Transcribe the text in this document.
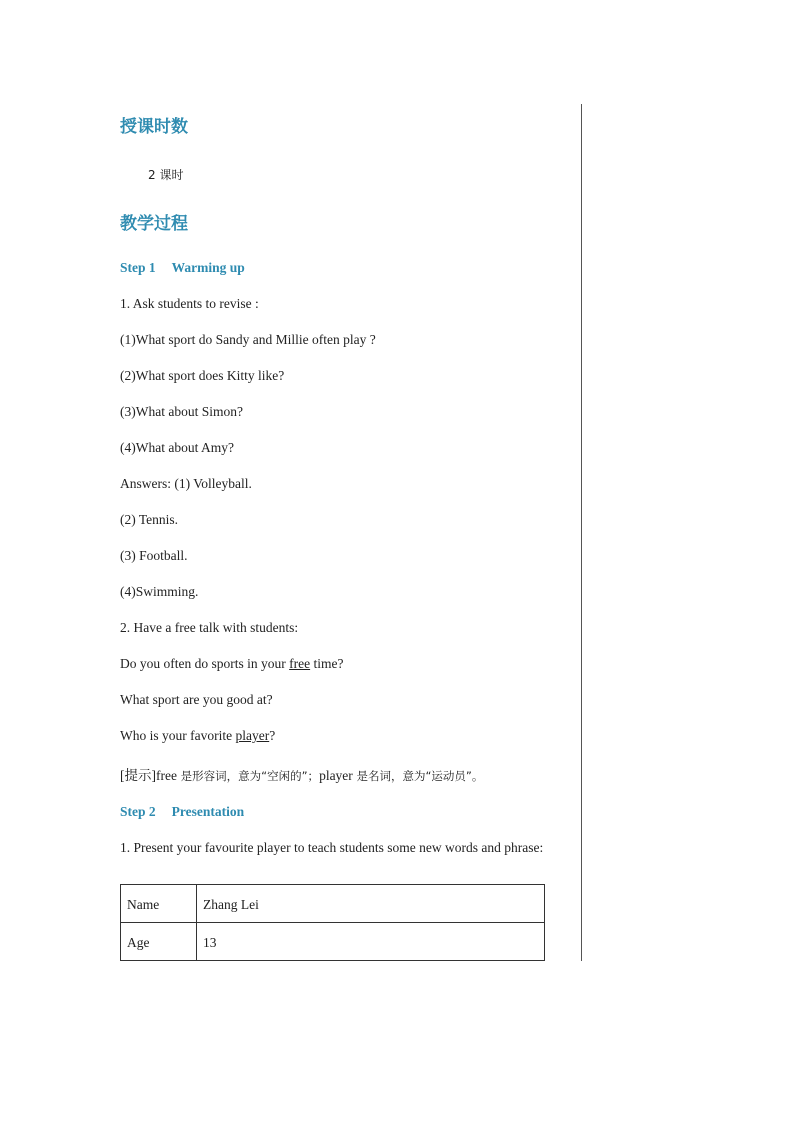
授课时数

2 课时

教学过程

Step 1 Warming up

1. Ask students to revise :

(1)What sport do Sandy and Millie often play ?

(2)What sport does Kitty like?

(3)What about Simon?

(4)What about Amy?

Answers: (1) Volleyball.

(2) Tennis.

(3) Football.

(4)Swimming.

2. Have a free talk with students:

Do you often do sports in your free time?

What sport are you good at?

Who is your favorite player?

[提示]free 是形容词，意为“空闲的”；player 是名词，意为“运动员”。

Step 2 Presentation

1. Present your favourite player to teach students some new words and phrase:

Name	Zhang Lei
Age	13
